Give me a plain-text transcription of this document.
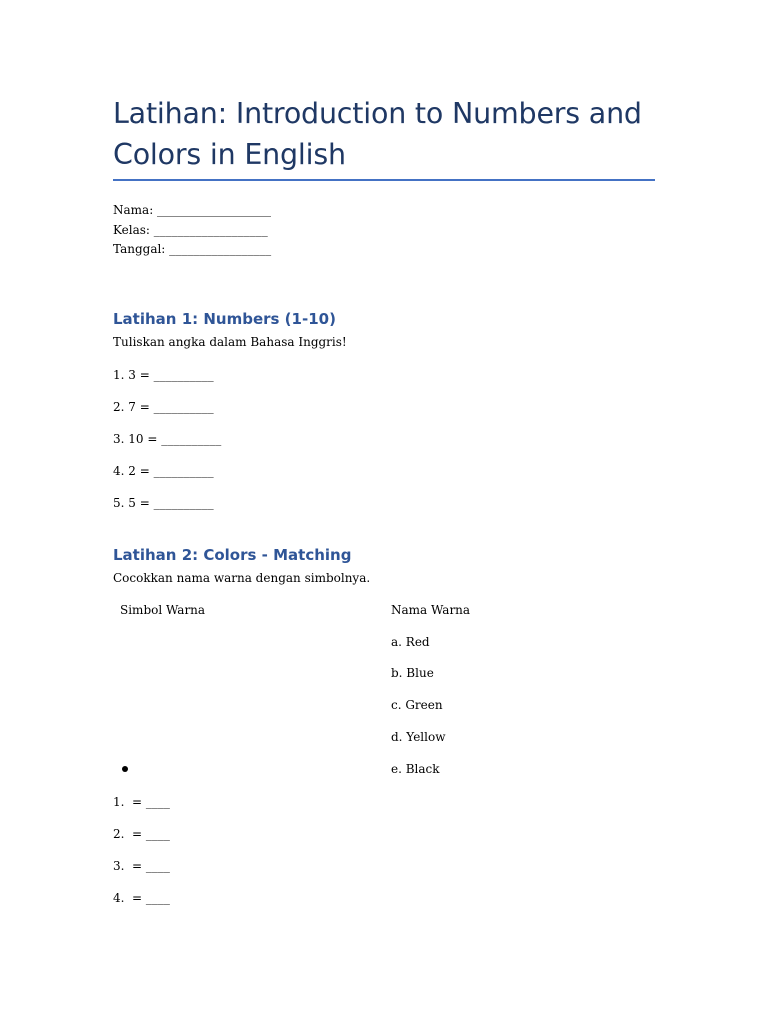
Latihan: Introduction to Numbers and Colors in English
Nama: ___________________
Kelas: ___________________
Tanggal: _________________
Latihan 1: Numbers (1-10)
Tuliskan angka dalam Bahasa Inggris!
1. 3 = __________
2. 7 = __________
3. 10 = __________
4. 2 = __________
5. 5 = __________
Latihan 2: Colors - Matching
Cocokkan nama warna dengan simbolnya.
Simbol Warna	Nama Warna
a. Red
b. Blue
c. Green
d. Yellow
e. Black
1. = ____
2. = ____
3. = ____
4. = ____
